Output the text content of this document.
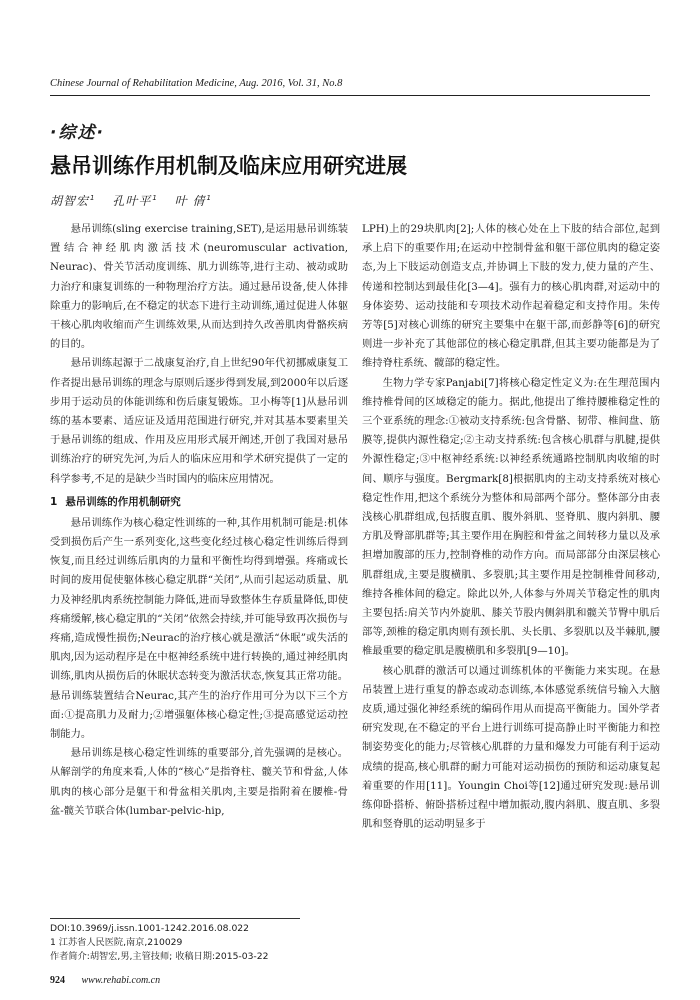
Chinese Journal of Rehabilitation Medicine, Aug. 2016, Vol. 31, No.8
·综述·
悬吊训练作用机制及临床应用研究进展
胡智宏$^1$ 孔叶平$^1$ 叶 倩$^1$

悬吊训练(sling exercise training,SET),是运用悬吊训练装置结合神经肌肉激活技术(neuromuscular activation, Neurac)、骨关节活动度训练、肌力训练等,进行主动、被动或助力治疗和康复训练的一种物理治疗方法。通过悬吊设备,使人体排除重力的影响后,在不稳定的状态下进行主动训练,通过促进人体躯干核心肌肉收缩而产生训练效果,从而达到持久改善肌肉骨骼疾病的目的。

悬吊训练起源于二战康复治疗,自上世纪90年代初挪威康复工作者提出悬吊训练的理念与原则后逐步得到发展,到2000年以后逐步用于运动员的体能训练和伤后康复锻炼。卫小梅等[1]从悬吊训练的基本要素、适应证及适用范围进行研究,并对其基本要素里关于悬吊训练的组成、作用及应用形式展开阐述,开创了我国对悬吊训练治疗的研究先河,为后人的临床应用和学术研究提供了一定的科学参考,不足的是缺少当时国内的临床应用情况。

1 悬吊训练的作用机制研究

悬吊训练作为核心稳定性训练的一种,其作用机制可能是:机体受到损伤后产生一系列变化,这些变化经过核心稳定性训练后得到恢复,而且经过训练后肌肉的力量和平衡性均得到增强。疼痛或长时间的废用促使躯体核心稳定肌群“关闭”,从而引起运动质量、肌力及神经肌肉系统控制能力降低,进而导致整体生存质量降低,即使疼痛缓解,核心稳定肌的“关闭”依然会持续,并可能导致再次损伤与疼痛,造成慢性损伤;Neurac的治疗核心就是激活“休眠”或失活的肌肉,因为运动程序是在中枢神经系统中进行转换的,通过神经肌肉训练,肌肉从损伤后的休眠状态转变为激活状态,恢复其正常功能。悬吊训练装置结合Neurac,其产生的治疗作用可分为以下三个方面:①提高肌力及耐力;②增强躯体核心稳定性;③提高感觉运动控制能力。

悬吊训练是核心稳定性训练的重要部分,首先强调的是核心。从解剖学的角度来看,人体的“核心”是指脊柱、髋关节和骨盆,人体肌肉的核心部分是躯干和骨盆相关肌肉,主要是指附着在腰椎-骨盆-髋关节联合体(lumbar-pelvic-hip,

LPH)上的29块肌肉[2];人体的核心处在上下肢的结合部位,起到承上启下的重要作用;在运动中控制骨盆和躯干部位肌肉的稳定姿态,为上下肢运动创造支点,并协调上下肢的发力,使力量的产生、传递和控制达到最佳化[3—4]。强有力的核心肌肉群,对运动中的身体姿势、运动技能和专项技术动作起着稳定和支持作用。朱传芳等[5]对核心训练的研究主要集中在躯干部,而彭静等[6]的研究则进一步补充了其他部位的核心稳定肌群,但其主要功能都是为了维持脊柱系统、髋部的稳定性。

生物力学专家Panjabi[7]将核心稳定性定义为:在生理范围内维持椎骨间的区域稳定的能力。据此,他提出了维持腰椎稳定性的三个亚系统的理念:①被动支持系统:包含骨骼、韧带、椎间盘、筋膜等,提供内源性稳定;②主动支持系统:包含核心肌群与肌腱,提供外源性稳定;③中枢神经系统:以神经系统通路控制肌肉收缩的时间、顺序与强度。Bergmark[8]根据肌肉的主动支持系统对核心稳定性作用,把这个系统分为整体和局部两个部分。整体部分由表浅核心肌群组成,包括腹直肌、腹外斜肌、竖脊肌、腹内斜肌、腰方肌及臀部肌群等;其主要作用在胸腔和骨盆之间转移力量以及承担增加腹部的压力,控制脊椎的动作方向。而局部部分由深层核心肌群组成,主要是腹横肌、多裂肌;其主要作用是控制椎骨间移动,维持各椎体间的稳定。除此以外,人体参与外周关节稳定性的肌肉主要包括:肩关节内外旋肌、膝关节股内侧斜肌和髋关节臀中肌后部等,颈椎的稳定肌肉则有颈长肌、头长肌、多裂肌以及半棘肌,腰椎最重要的稳定肌是腹横肌和多裂肌[9—10]。

核心肌群的激活可以通过训练机体的平衡能力来实现。在悬吊装置上进行重复的静态或动态训练,本体感觉系统信号输入大脑皮质,通过强化神经系统的编码作用从而提高平衡能力。国外学者研究发现,在不稳定的平台上进行训练可提高静止时平衡能力和控制姿势变化的能力;尽管核心肌群的力量和爆发力可能有利于运动成绩的提高,核心肌群的耐力可能对运动损伤的预防和运动康复起着重要的作用[11]。Youngin Choi等[12]通过研究发现:悬吊训练仰卧搭桥、俯卧搭桥过程中增加振动,腹内斜肌、腹直肌、多裂肌和竖脊肌的运动明显多于

DOI:10.3969/j.issn.1001-1242.2016.08.022
1 江苏省人民医院,南京,210029
作者简介:胡智宏,男,主管技师; 收稿日期:2015-03-22
924 www.rehabi.com.cn
